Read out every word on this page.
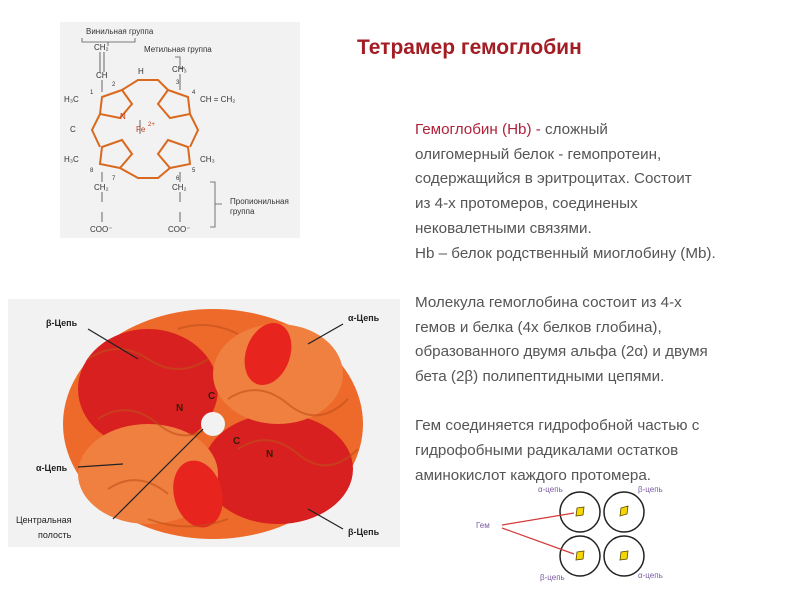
Тетрамер гемоглобин
Винильная группа
Метильная группа
Пропионильная
группа
CH₂
CH	H	CH₃
CH = CH₂
H₃C
N
Fe 2+
C
1
2	3
4
5
6
7
8
CH₃
H₃C
CH₂	CH₂
COO⁻	COO⁻
β-Цепь	α-Цепь
α-Цепь
β-Цепь
Центральная
полость
N
C
N
C

Гемоглобин (Hb) - сложный

олигомерный белок - гемопротеин,

содержащийся в эритроцитах. Состоит

из 4-х протомеров, соединеных

нековалетными связями.

Hb – белок родственный миоглобину (Mb).

Молекула гемоглобина состоит из 4-х

гемов и белка (4х белков глобина),

образованного двумя альфа (2α) и двумя

бета (2β) полипептидными цепями.

Гем соединяется гидрофобной частью с

гидрофобными радикалами остатков

аминокислот каждого протомера.

α-цепь	β-цепь
Гем
β-цепь	α-цепь
